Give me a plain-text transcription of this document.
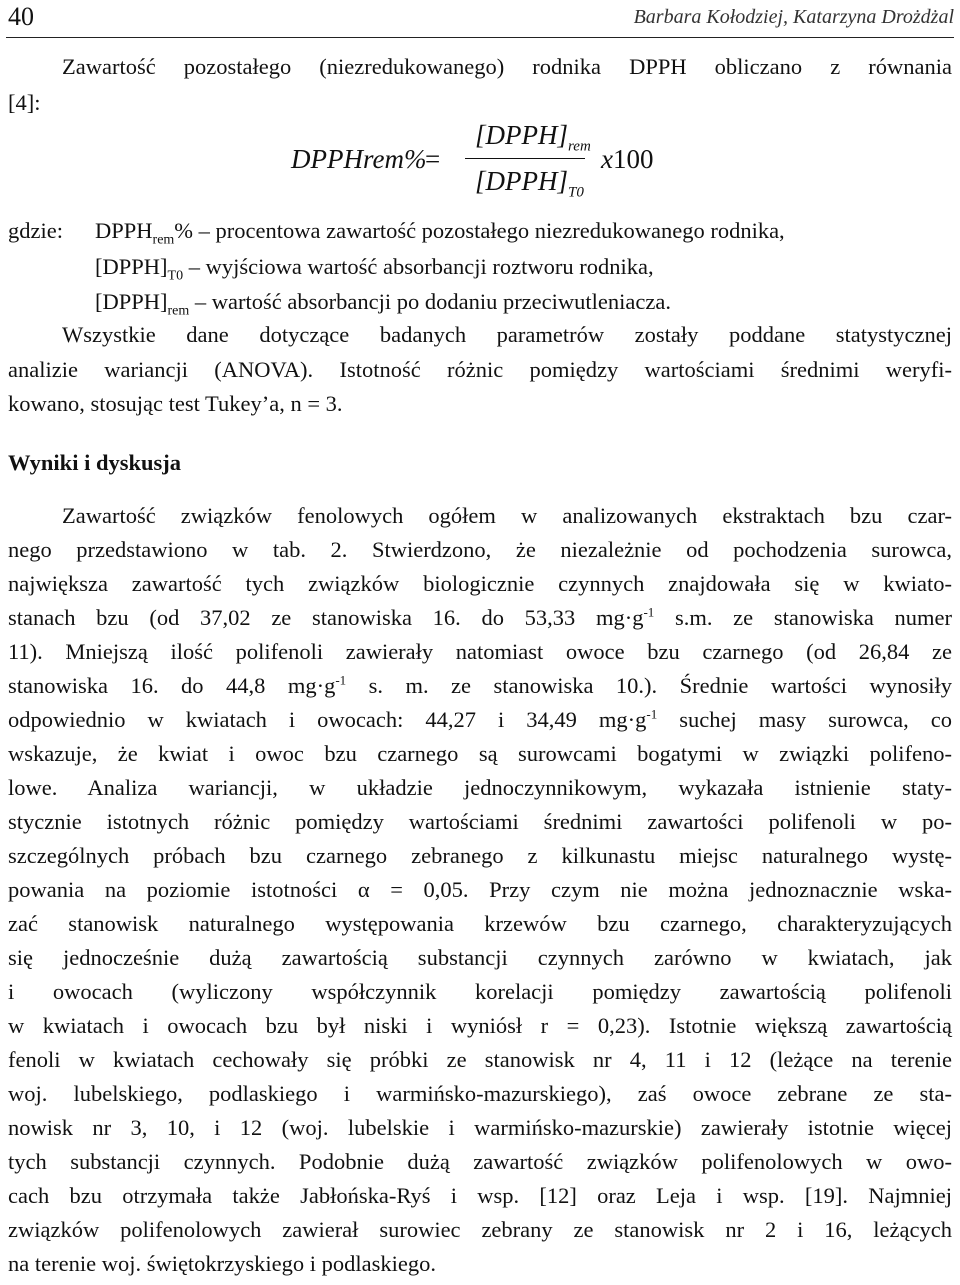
40	Barbara Kołodziej, Katarzyna Drożdżal
Zawartość pozostałego (niezredukowanego) rodnika DPPH obliczano z równania
[4]:
DPPHrem%
=
$[DPPH]_{rem}$
$[DPPH]_{T0}$
x100
gdzie: $DPPH_{rem}\%$ – procentowa zawartość pozostałego niezredukowanego rodnika,
$[DPPH]_{T0}$ – wyjściowa wartość absorbancji roztworu rodnika,
$[DPPH]_{rem}$ – wartość absorbancji po dodaniu przeciwutleniacza.
Wszystkie dane dotyczące badanych parametrów zostały poddane statystycznej
analizie wariancji (ANOVA). Istotność różnic pomiędzy wartościami średnimi weryfi-
kowano, stosując test Tukey’a, n = 3.
Wyniki i dyskusja
Zawartość związków fenolowych ogółem w analizowanych ekstraktach bzu czar-
nego przedstawiono w tab. 2. Stwierdzono, że niezależnie od pochodzenia surowca,
największa zawartość tych związków biologicznie czynnych znajdowała się w kwiato-
stanach bzu (od 37,02 ze stanowiska 16. do 53,33 $mg\cdot g^{-1}$ s.m. ze stanowiska numer
11). Mniejszą ilość polifenoli zawierały natomiast owoce bzu czarnego (od 26,84 ze
stanowiska 16. do 44,8 $mg\cdot g^{-1}$ s. m. ze stanowiska 10.). Średnie wartości wynosiły
odpowiednio w kwiatach i owocach: 44,27 i 34,49 $mg\cdot g^{-1}$ suchej masy surowca, co
wskazuje, że kwiat i owoc bzu czarnego są surowcami bogatymi w związki polifeno-
lowe. Analiza wariancji, w układzie jednoczynnikowym, wykazała istnienie staty-
stycznie istotnych różnic pomiędzy wartościami średnimi zawartości polifenoli w po-
szczególnych próbach bzu czarnego zebranego z kilkunastu miejsc naturalnego wystę-
powania na poziomie istotności α = 0,05. Przy czym nie można jednoznacznie wska-
zać stanowisk naturalnego występowania krzewów bzu czarnego, charakteryzujących
się jednocześnie dużą zawartością substancji czynnych zarówno w kwiatach, jak
i owocach (wyliczony współczynnik korelacji pomiędzy zawartością polifenoli
w kwiatach i owocach bzu był niski i wyniósł r = 0,23). Istotnie większą zawartością
fenoli w kwiatach cechowały się próbki ze stanowisk nr 4, 11 i 12 (leżące na terenie
woj. lubelskiego, podlaskiego i warmińsko-mazurskiego), zaś owoce zebrane ze sta-
nowisk nr 3, 10, i 12 (woj. lubelskie i warmińsko-mazurskie) zawierały istotnie więcej
tych substancji czynnych. Podobnie dużą zawartość związków polifenolowych w owo-
cach bzu otrzymała także Jabłońska-Ryś i wsp. [12] oraz Leja i wsp. [19]. Najmniej
związków polifenolowych zawierał surowiec zebrany ze stanowisk nr 2 i 16, leżących
na terenie woj. świętokrzyskiego i podlaskiego.
